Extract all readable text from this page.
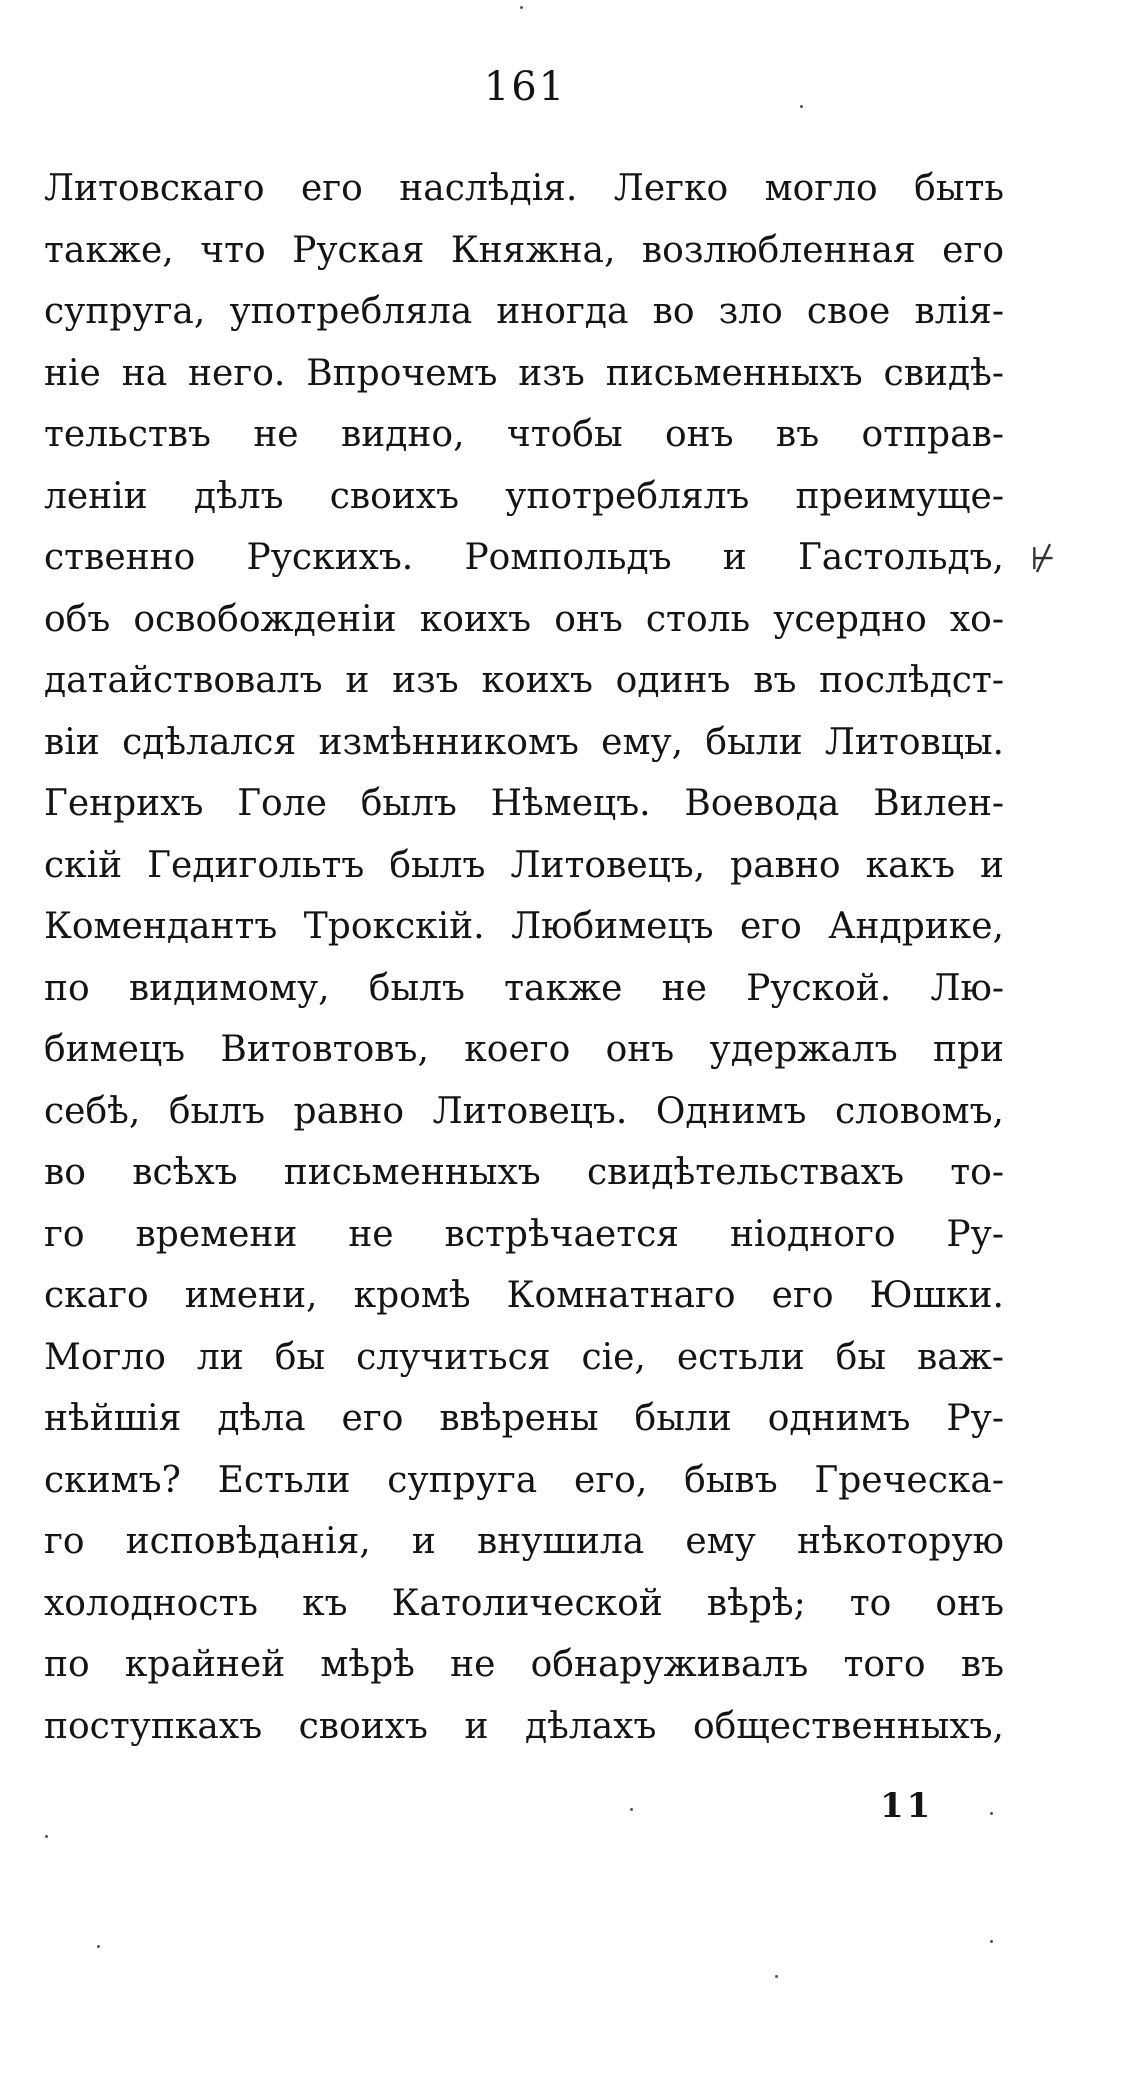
161
Литовскаго его наслѣдія. Легко могло быть
также, что Руская Княжна, возлюбленная его
супруга, употребляла иногда во зло свое влія-
ніе на него. Впрочемъ изъ письменныхъ свидѣ-
тельствъ не видно, чтобы онъ въ отправ-
леніи дѣлъ своихъ употреблялъ преимуще-
ственно Рускихъ. Ромпольдъ и Гастольдъ,
объ освобожденіи коихъ онъ столь усердно хо-
датайствовалъ и изъ коихъ одинъ въ послѣдст-
віи сдѣлался измѣнникомъ ему, были Литовцы.
Генрихъ Голе былъ Нѣмецъ. Воевода Вилен-
скій Гедигольтъ былъ Литовецъ, равно какъ и
Комендантъ Трокскій. Любимецъ его Андрике,
по видимому, былъ также не Руской. Лю-
бимецъ Витовтовъ, коего онъ удержалъ при
себѣ, былъ равно Литовецъ. Однимъ словомъ,
во всѣхъ письменныхъ свидѣтельствахъ то-
го времени не встрѣчается ніодного Ру-
скаго имени, кромѣ Комнатнаго его Юшки.
Могло ли бы случиться сіе, естьли бы важ-
нѣйшія дѣла его ввѣрены были однимъ Ру-
скимъ? Естьли супруга его, бывъ Греческа-
го исповѣданія, и внушила ему нѣкоторую
холодность къ Католической вѣрѣ; то онъ
по крайней мѣрѣ не обнаруживалъ того въ
поступкахъ своихъ и дѣлахъ общественныхъ,
⊬
11
